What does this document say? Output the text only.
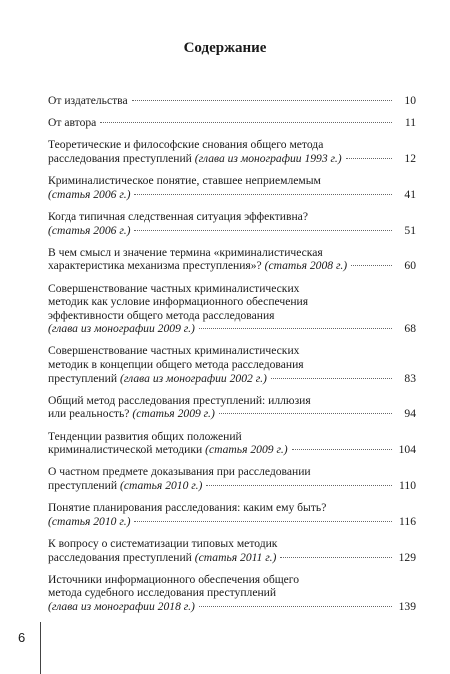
Содержание
От издательства	10
От автора	11
Теоретические и философские снования общего метода
расследования преступлений (глава из монографии 1993 г.)	12
Криминалистическое понятие, ставшее неприемлемым
(статья 2006 г.)	41
Когда типичная следственная ситуация эффективна?
(статья 2006 г.)	51
В чем смысл и значение термина «криминалистическая
характеристика механизма преступления»? (статья 2008 г.)	60
Совершенствование частных криминалистических
методик как условие информационного обеспечения
эффективности общего метода расследования
(глава из монографии 2009 г.)	68
Совершенствование частных криминалистических
методик в концепции общего метода расследования
преступлений (глава из монографии 2002 г.)	83
Общий метод расследования преступлений: иллюзия
или реальность? (статья 2009 г.)	94
Тенденции развития общих положений
криминалистической методики (статья 2009 г.)	104
О частном предмете доказывания при расследовании
преступлений (статья 2010 г.)	110
Понятие планирования расследования: каким ему быть?
(статья 2010 г.)	116
К вопросу о систематизации типовых методик
расследования преступлений (статья 2011 г.)	129
Источники информационного обеспечения общего
метода судебного исследования преступлений
(глава из монографии 2018 г.)	139
6
